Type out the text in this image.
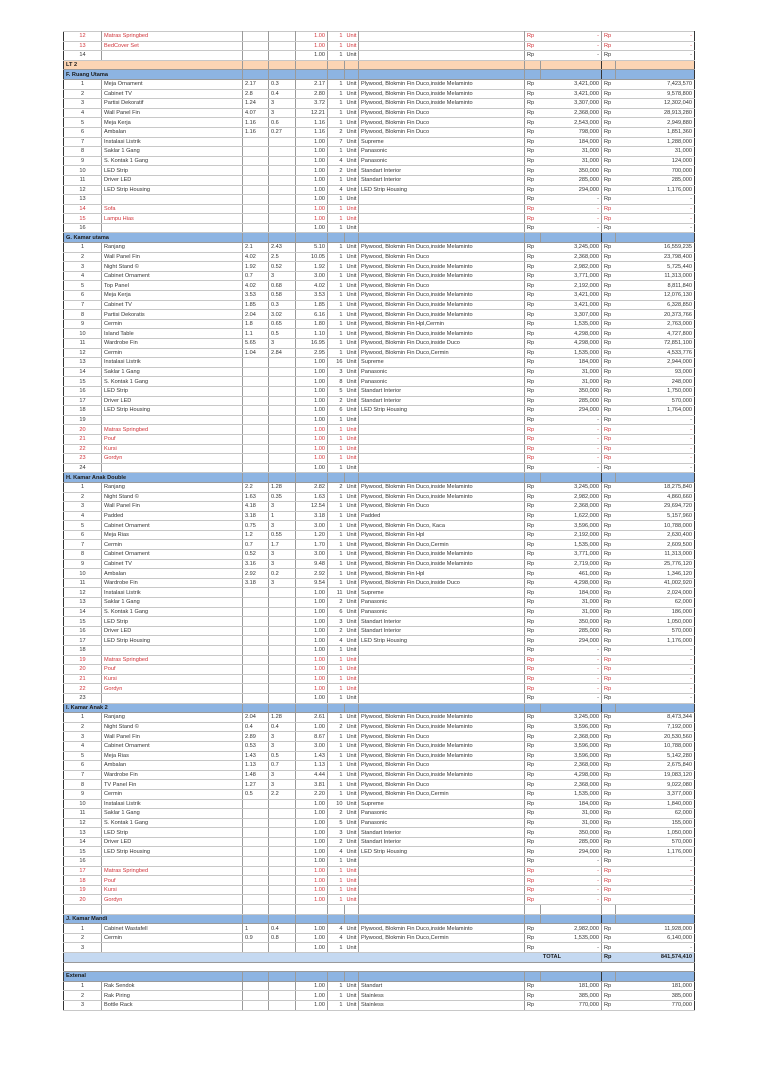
12	Matras Springbed			1.00	1	Unit		Rp	-	Rp	-
13	BedCover Set			1.00	1	Unit		Rp	-	Rp	-
14				1.00	1	Unit		Rp	-	Rp	-
LT 2											
F. Ruang Utama											
1	Meja Ornament	2.17	0.3	2.17	1	Unit	Plywood, Blokmin Fin Duco,inside Melaminto	Rp	3,421,000	Rp	7,423,570
2	Cabinet TV	2.8	0.4	2.80	1	Unit	Plywood, Blokmin Fin Duco,inside Melaminto	Rp	3,421,000	Rp	9,578,800
3	Partisi Dekoratif	1.24	3	3.72	1	Unit	Plywood, Blokmin Fin Duco,inside Melaminto	Rp	3,307,000	Rp	12,302,040
4	Wall Panel Fin	4.07	3	12.21	1	Unit	Plywood, Blokmin Fin Duco	Rp	2,368,000	Rp	28,913,280
5	Meja Kerja	1.16	0.6	1.16	1	Unit	Plywood, Blokmin Fin Duco	Rp	2,543,000	Rp	2,949,880
6	Ambalan	1.16	0.27	1.16	2	Unit	Plywood, Blokmin Fin Duco	Rp	798,000	Rp	1,851,360
7	Instalasi Listrik			1.00	7	Unit	Supreme	Rp	184,000	Rp	1,288,000
8	Saklar 1 Gang			1.00	1	Unit	Panasonic	Rp	31,000	Rp	31,000
9	S. Kontak 1 Gang			1.00	4	Unit	Panasonic	Rp	31,000	Rp	124,000
10	LED Strip			1.00	2	Unit	Standart Interior	Rp	350,000	Rp	700,000
11	Driver LED			1.00	1	Unit	Standart Interior	Rp	285,000	Rp	285,000
12	LED Strip Housing			1.00	4	Unit	LED Strip Housing	Rp	294,000	Rp	1,176,000
13				1.00	1	Unit		Rp	-	Rp	-
14	Sofa			1.00	1	Unit		Rp	-	Rp	-
15	Lampu Hias			1.00	1	Unit		Rp	-	Rp	-
16				1.00	1	Unit		Rp	-	Rp	-
G. Kamar utama											
1	Ranjang	2.1	2.43	5.10	1	Unit	Plywood, Blokmin Fin Duco,inside Melaminto	Rp	3,245,000	Rp	16,559,235
2	Wall Panel Fin	4.02	2.5	10.05	1	Unit	Plywood, Blokmin Fin Duco	Rp	2,368,000	Rp	23,798,400
3	Night Stand ©	1.92	0.52	1.92	1	Unit	Plywood, Blokmin Fin Duco,inside Melaminto	Rp	2,982,000	Rp	5,725,440
4	Cabinet Ornament	0.7	3	3.00	1	Unit	Plywood, Blokmin Fin Duco,inside Melaminto	Rp	3,771,000	Rp	11,313,000
5	Top Panel	4.02	0.68	4.02	1	Unit	Plywood, Blokmin Fin Duco	Rp	2,192,000	Rp	8,811,840
6	Meja Kerja	3.53	0.58	3.53	1	Unit	Plywood, Blokmin Fin Duco,inside Melaminto	Rp	3,421,000	Rp	12,076,130
7	Cabinet TV	1.85	0.3	1.85	1	Unit	Plywood, Blokmin Fin Duco,inside Melaminto	Rp	3,421,000	Rp	6,328,850
8	Partisi Dekoratis	2.04	3.02	6.16	1	Unit	Plywood, Blokmin Fin Duco,inside Melaminto	Rp	3,307,000	Rp	20,373,766
9	Cermin	1.8	0.65	1.80	1	Unit	Plywood, Blokmin Fin Hpl,Cermin	Rp	1,535,000	Rp	2,763,000
10	Island Table	1.1	0.5	1.10	1	Unit	Plywood, Blokmin Fin Duco,inside Melaminto	Rp	4,298,000	Rp	4,727,800
11	Wardrobe Fin	5.65	3	16.95	1	Unit	Plywood, Blokmin Fin Duco,inside Duco	Rp	4,298,000	Rp	72,851,100
12	Cermin	1.04	2.84	2.95	1	Unit	Plywood, Blokmin Fin Duco,Cermin	Rp	1,535,000	Rp	4,533,776
13	Instalasi Listrik			1.00	16	Unit	Supreme	Rp	184,000	Rp	2,944,000
14	Saklar 1 Gang			1.00	3	Unit	Panasonic	Rp	31,000	Rp	93,000
15	S. Kontak 1 Gang			1.00	8	Unit	Panasonic	Rp	31,000	Rp	248,000
16	LED Strip			1.00	5	Unit	Standart Interior	Rp	350,000	Rp	1,750,000
17	Driver LED			1.00	2	Unit	Standart Interior	Rp	285,000	Rp	570,000
18	LED Strip Housing			1.00	6	Unit	LED Strip Housing	Rp	294,000	Rp	1,764,000
19				1.00	1	Unit		Rp	-	Rp	-
20	Matras Springbed			1.00	1	Unit		Rp	-	Rp	-
21	Pouf			1.00	1	Unit		Rp	-	Rp	-
22	Kursi			1.00	1	Unit		Rp	-	Rp	-
23	Gordyn			1.00	1	Unit		Rp	-	Rp	-
24				1.00	1	Unit		Rp	-	Rp	-
H. Kamar Anak Double											
1	Ranjang	2.2	1.28	2.82	2	Unit	Plywood, Blokmin Fin Duco,inside Melaminto	Rp	3,245,000	Rp	18,275,840
2	Night Stand ©	1.63	0.35	1.63	1	Unit	Plywood, Blokmin Fin Duco,inside Melaminto	Rp	2,982,000	Rp	4,860,660
3	Wall Panel Fin	4.18	3	12.54	1	Unit	Plywood, Blokmin Fin Duco	Rp	2,368,000	Rp	29,694,720
4	Padded	3.18	1	3.18	1	Unit	Padded	Rp	1,622,000	Rp	5,157,960
5	Cabinet Ornament	0.75	3	3.00	1	Unit	Plywood, Blokmin Fin Duco, Kaca	Rp	3,596,000	Rp	10,788,000
6	Meja Rias	1.2	0.55	1.20	1	Unit	Plywood, Blokmin Fin Hpl	Rp	2,192,000	Rp	2,630,400
7	Cermin	0.7	1.7	1.70	1	Unit	Plywood, Blokmin Fin Duco,Cermin	Rp	1,535,000	Rp	2,609,500
8	Cabinet Ornament	0.52	3	3.00	1	Unit	Plywood, Blokmin Fin Duco,inside Melaminto	Rp	3,771,000	Rp	11,313,000
9	Cabinet TV	3.16	3	9.48	1	Unit	Plywood, Blokmin Fin Duco,inside Melaminto	Rp	2,719,000	Rp	25,776,120
10	Ambalan	2.92	0.2	2.92	1	Unit	Plywood, Blokmin Fin Hpl	Rp	461,000	Rp	1,346,120
11	Wardrobe Fin	3.18	3	9.54	1	Unit	Plywood, Blokmin Fin Duco,inside Duco	Rp	4,298,000	Rp	41,002,920
12	Instalasi Listrik			1.00	11	Unit	Supreme	Rp	184,000	Rp	2,024,000
13	Saklar 1 Gang			1.00	2	Unit	Panasonic	Rp	31,000	Rp	62,000
14	S. Kontak 1 Gang			1.00	6	Unit	Panasonic	Rp	31,000	Rp	186,000
15	LED Strip			1.00	3	Unit	Standart Interior	Rp	350,000	Rp	1,050,000
16	Driver LED			1.00	2	Unit	Standart Interior	Rp	285,000	Rp	570,000
17	LED Strip Housing			1.00	4	Unit	LED Strip Housing	Rp	294,000	Rp	1,176,000
18				1.00	1	Unit		Rp	-	Rp	-
19	Matras Springbed			1.00	1	Unit		Rp	-	Rp	-
20	Pouf			1.00	1	Unit		Rp	-	Rp	-
21	Kursi			1.00	1	Unit		Rp	-	Rp	-
22	Gordyn			1.00	1	Unit		Rp	-	Rp	-
23				1.00	1	Unit		Rp	-	Rp	-
I. Kamar Anak 2											
1	Ranjang	2.04	1.28	2.61	1	Unit	Plywood, Blokmin Fin Duco,inside Melaminto	Rp	3,245,000	Rp	8,473,344
2	Night Stand ©	0.4	0.4	1.00	2	Unit	Plywood, Blokmin Fin Duco,inside Melaminto	Rp	3,596,000	Rp	7,192,000
3	Wall Panel Fin	2.89	3	8.67	1	Unit	Plywood, Blokmin Fin Duco	Rp	2,368,000	Rp	20,530,560
4	Cabinet Ornament	0.53	3	3.00	1	Unit	Plywood, Blokmin Fin Duco,inside Melaminto	Rp	3,596,000	Rp	10,788,000
5	Meja Rias	1.43	0.5	1.43	1	Unit	Plywood, Blokmin Fin Duco,inside Melaminto	Rp	3,596,000	Rp	5,142,280
6	Ambalan	1.13	0.7	1.13	1	Unit	Plywood, Blokmin Fin Duco	Rp	2,368,000	Rp	2,675,840
7	Wardrobe Fin	1.48	3	4.44	1	Unit	Plywood, Blokmin Fin Duco,inside Melaminto	Rp	4,298,000	Rp	19,083,120
8	TV Panel Fin	1.27	3	3.81	1	Unit	Plywood, Blokmin Fin Duco	Rp	2,368,000	Rp	9,022,080
9	Cermin	0.5	2.2	2.20	1	Unit	Plywood, Blokmin Fin Duco,Cermin	Rp	1,535,000	Rp	3,377,000
10	Instalasi Listrik			1.00	10	Unit	Supreme	Rp	184,000	Rp	1,840,000
11	Saklar 1 Gang			1.00	2	Unit	Panasonic	Rp	31,000	Rp	62,000
12	S. Kontak 1 Gang			1.00	5	Unit	Panasonic	Rp	31,000	Rp	155,000
13	LED Strip			1.00	3	Unit	Standart Interior	Rp	350,000	Rp	1,050,000
14	Driver LED			1.00	2	Unit	Standart Interior	Rp	285,000	Rp	570,000
15	LED Strip Housing			1.00	4	Unit	LED Strip Housing	Rp	294,000	Rp	1,176,000
16				1.00	1	Unit		Rp	-	Rp	-
17	Matras Springbed			1.00	1	Unit		Rp	-	Rp	-
18	Pouf			1.00	1	Unit		Rp	-	Rp	-
19	Kursi			1.00	1	Unit		Rp	-	Rp	-
20	Gordyn			1.00	1	Unit		Rp	-	Rp	-

J. Kamar Mandi											
1	Cabinet Wastafell	1	0.4	1.00	4	Unit	Plywood, Blokmin Fin Duco,inside Melaminto	Rp	2,982,000	Rp	11,928,000
2	Cermin	0.9	0.8	1.00	4	Unit	Plywood, Blokmin Fin Duco,Cermin	Rp	1,535,000	Rp	6,140,000
3				1.00	1	Unit		Rp	-	Rp	-
TOTAL										Rp	841,574,410

Extenal											
1	Rak Sendok			1.00	1	Unit	Standart	Rp	181,000	Rp	181,000
2	Rak Piring			1.00	1	Unit	Stainless	Rp	385,000	Rp	385,000
3	Bottle Rack			1.00	1	Unit	Stainless	Rp	770,000	Rp	770,000
